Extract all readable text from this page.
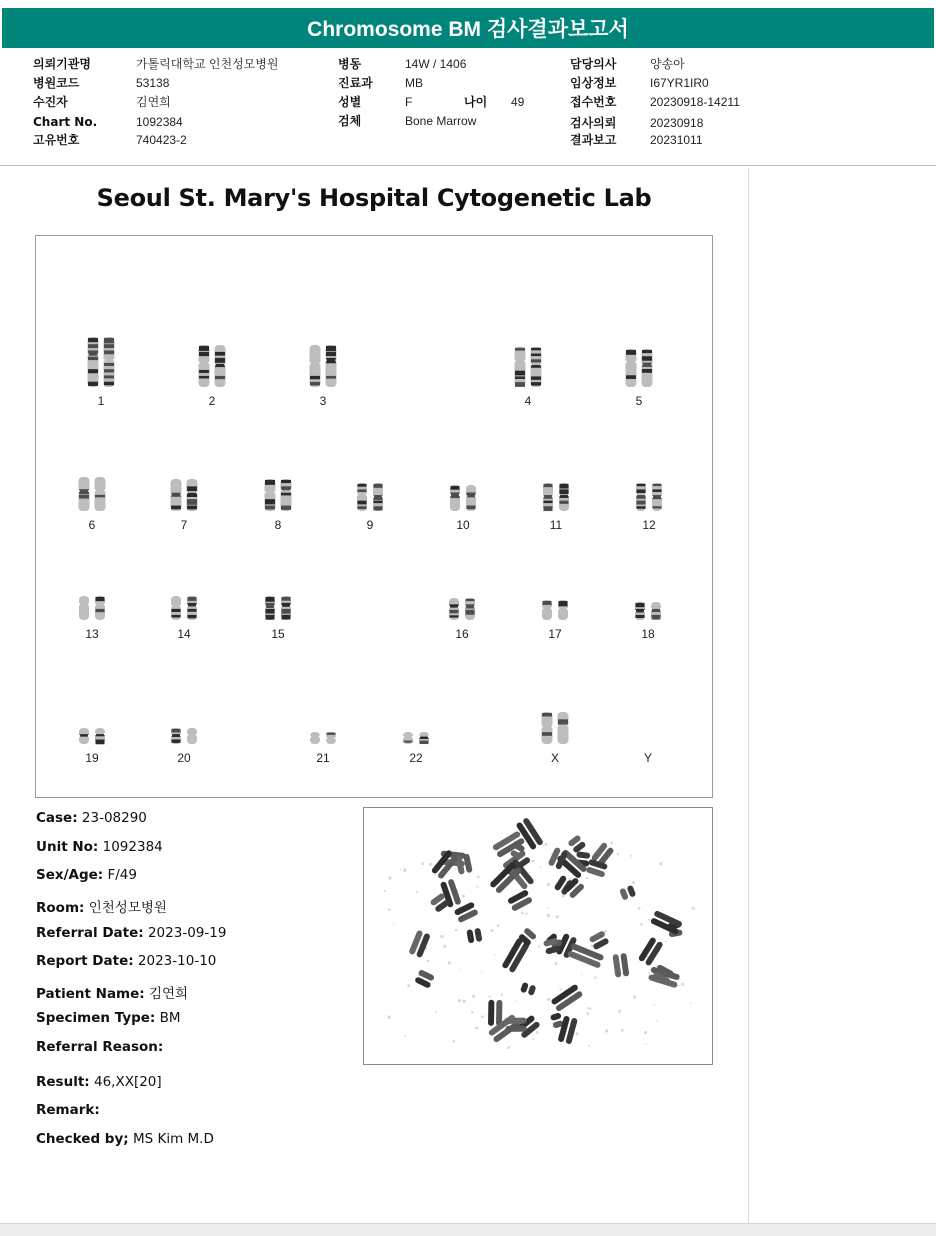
Chromosome BM 검사결과보고서
의뢰기관명	가톨릭대학교 인천성모병원
병원코드	53138
수진자	김연희
Chart No.	1092384
고유번호	740423-2
병동	14W / 1406
진료과	MB
성별	F	나이 49
검체	Bone Marrow
담당의사	양송아
임상정보	I67YR1IR0
접수번호	20230918-14211
검사의뢰	20230918
결과보고	20231011
Seoul St. Mary's Hospital Cytogenetic Lab
1	2	3	4	5
6	7	8	9	10	11	12
13	14	15	16	17	18
19	20	21	22	X	Y
Case: 23-08290
Unit No: 1092384
Sex/Age: F/49
Room: 인천성모병원
Referral Date: 2023-09-19
Report Date: 2023-10-10
Patient Name: 김연희
Specimen Type: BM
Referral Reason:
Result: 46,XX[20]
Remark:
Checked by; MS Kim M.D
